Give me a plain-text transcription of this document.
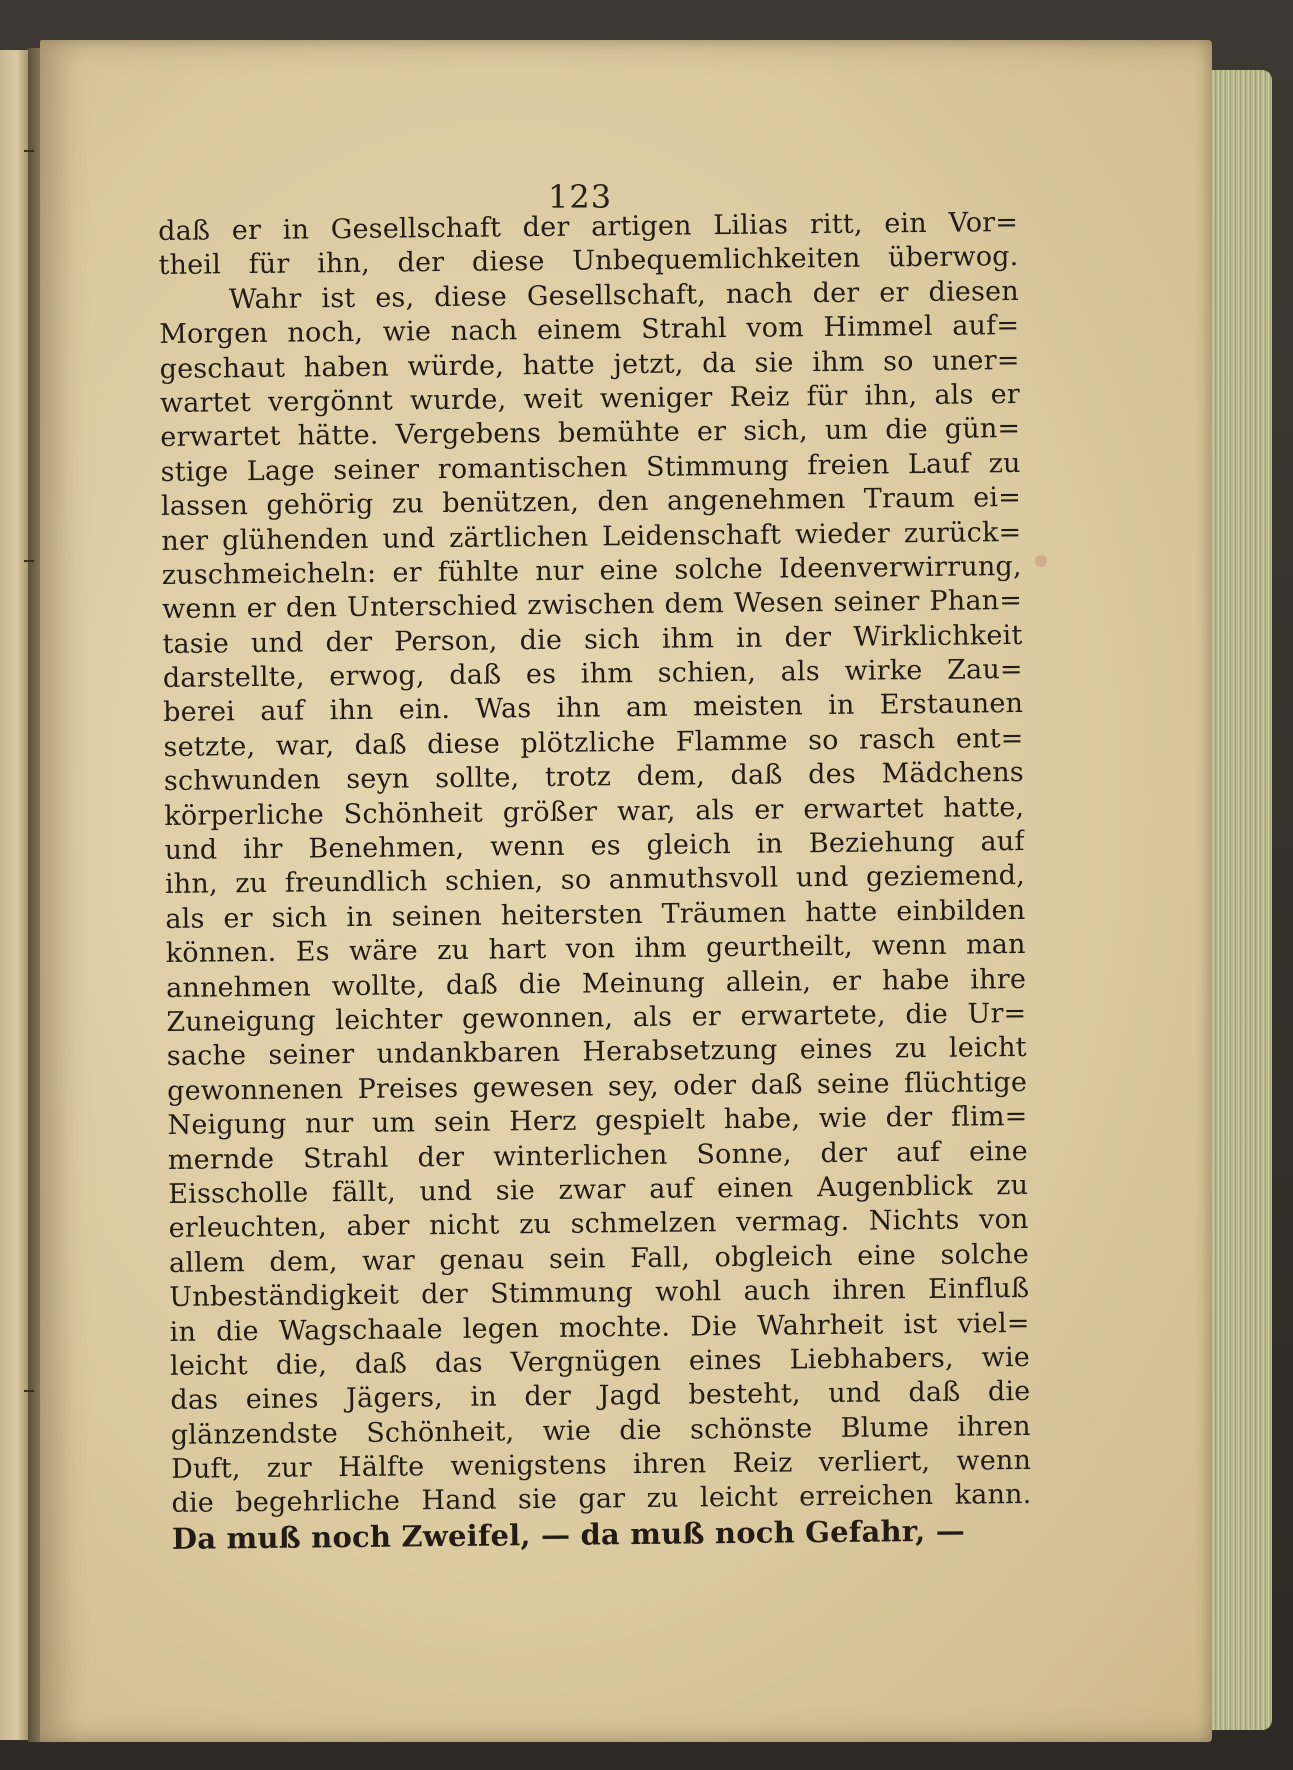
123
daß er in Gesellschaft der artigen Lilias ritt, ein Vor=
theil für ihn, der diese Unbequemlichkeiten überwog.
Wahr ist es, diese Gesellschaft, nach der er diesen
Morgen noch, wie nach einem Strahl vom Himmel auf=
geschaut haben würde, hatte jetzt, da sie ihm so uner=
wartet vergönnt wurde, weit weniger Reiz für ihn, als er
erwartet hätte. Vergebens bemühte er sich, um die gün=
stige Lage seiner romantischen Stimmung freien Lauf zu
lassen gehörig zu benützen, den angenehmen Traum ei=
ner glühenden und zärtlichen Leidenschaft wieder zurück=
zuschmeicheln: er fühlte nur eine solche Ideenverwirrung,
wenn er den Unterschied zwischen dem Wesen seiner Phan=
tasie und der Person, die sich ihm in der Wirklichkeit
darstellte, erwog, daß es ihm schien, als wirke Zau=
berei auf ihn ein. Was ihn am meisten in Erstaunen
setzte, war, daß diese plötzliche Flamme so rasch ent=
schwunden seyn sollte, trotz dem, daß des Mädchens
körperliche Schönheit größer war, als er erwartet hatte,
und ihr Benehmen, wenn es gleich in Beziehung auf
ihn, zu freundlich schien, so anmuthsvoll und geziemend,
als er sich in seinen heitersten Träumen hatte einbilden
können. Es wäre zu hart von ihm geurtheilt, wenn man
annehmen wollte, daß die Meinung allein, er habe ihre
Zuneigung leichter gewonnen, als er erwartete, die Ur=
sache seiner undankbaren Herabsetzung eines zu leicht
gewonnenen Preises gewesen sey, oder daß seine flüchtige
Neigung nur um sein Herz gespielt habe, wie der flim=
mernde Strahl der winterlichen Sonne, der auf eine
Eisscholle fällt, und sie zwar auf einen Augenblick zu
erleuchten, aber nicht zu schmelzen vermag. Nichts von
allem dem, war genau sein Fall, obgleich eine solche
Unbeständigkeit der Stimmung wohl auch ihren Einfluß
in die Wagschaale legen mochte. Die Wahrheit ist viel=
leicht die, daß das Vergnügen eines Liebhabers, wie
das eines Jägers, in der Jagd besteht, und daß die
glänzendste Schönheit, wie die schönste Blume ihren
Duft, zur Hälfte wenigstens ihren Reiz verliert, wenn
die begehrliche Hand sie gar zu leicht erreichen kann.
Da muß noch Zweifel, — da muß noch Gefahr, —
